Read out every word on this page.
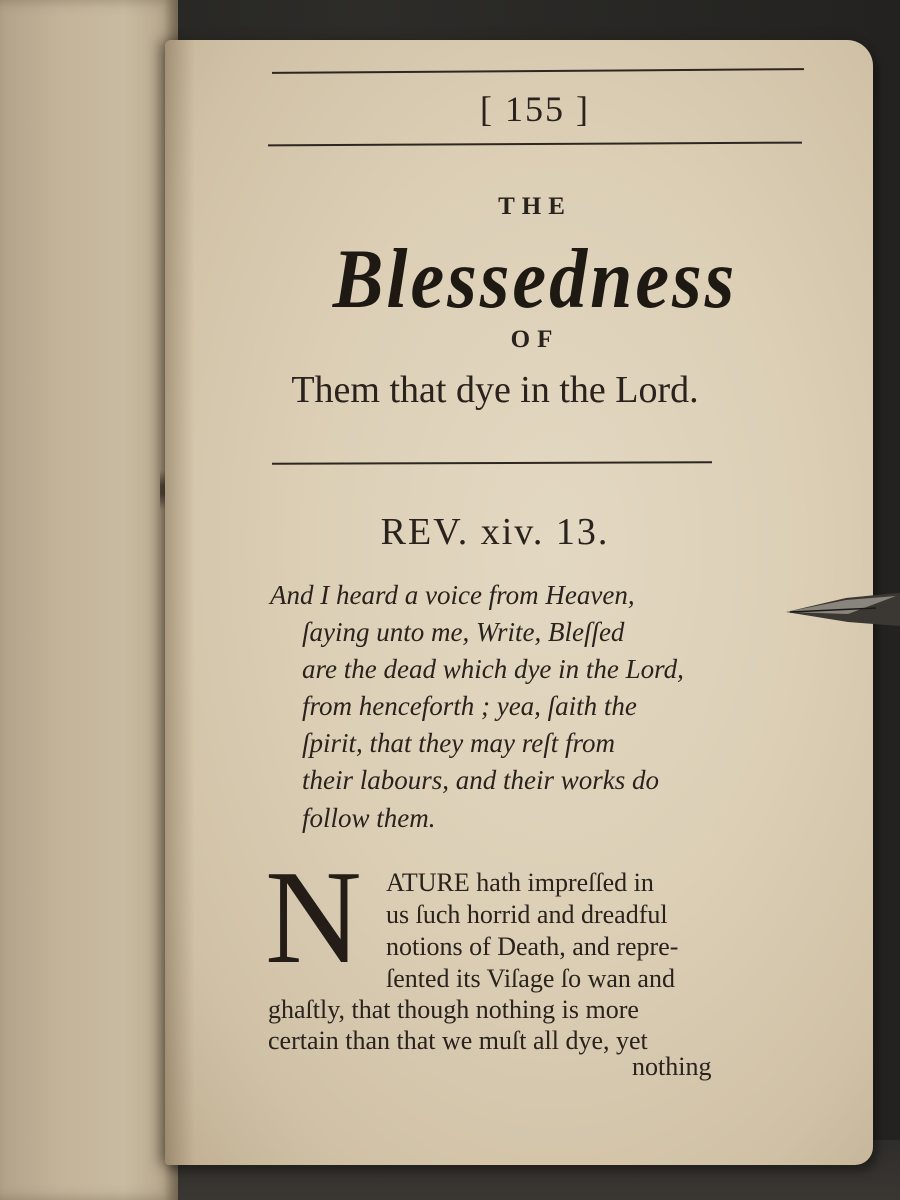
[ 155 ]
THE
Blessedness
OF
Them that dye in the Lord.
REV. xiv. 13.
And I heard a voice from Heaven,
ſaying unto me, Write, Bleſſed
are the dead which dye in the Lord,
from henceforth ; yea, ſaith the
ſpirit, that they may reſt from
their labours, and their works do
follow them.
N ATURE hath impreſſed in
us ſuch horrid and dreadful
notions of Death, and repre-
ſented its Viſage ſo wan and
ghaſtly, that though nothing is more
certain than that we muſt all dye, yet
nothing
